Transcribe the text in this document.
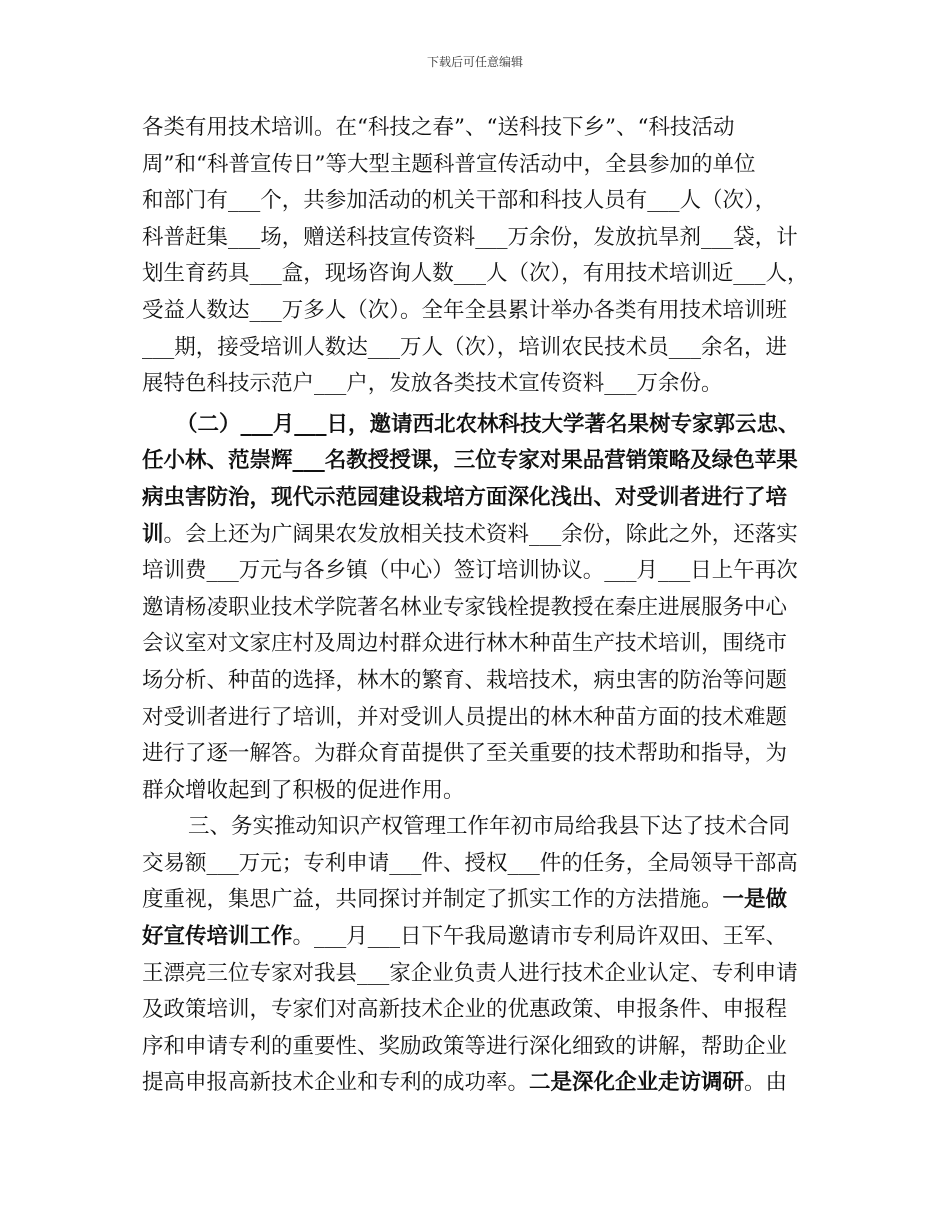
下载后可任意编辑
各类有用技术培训。在“科技之春”、“送科技下乡”、“科技活动
周”和“科普宣传日”等大型主题科普宣传活动中，全县参加的单位
和部门有___个，共参加活动的机关干部和科技人员有___人（次），
科普赶集___场，赠送科技宣传资料___万余份，发放抗旱剂___袋，计
划生育药具___盒，现场咨询人数___人（次），有用技术培训近___人，
受益人数达___万多人（次）。全年全县累计举办各类有用技术培训班
___期，接受培训人数达___万人（次），培训农民技术员___余名，进
展特色科技示范户___户，发放各类技术宣传资料___万余份。
（二）___月___日，邀请西北农林科技大学著名果树专家郭云忠、
任小林、范崇辉___名教授授课，三位专家对果品营销策略及绿色苹果
病虫害防治，现代示范园建设栽培方面深化浅出、对受训者进行了培
训。会上还为广阔果农发放相关技术资料___余份，除此之外，还落实
培训费___万元与各乡镇（中心）签订培训协议。___月___日上午再次
邀请杨凌职业技术学院著名林业专家钱栓提教授在秦庄进展服务中心
会议室对文家庄村及周边村群众进行林木种苗生产技术培训，围绕市
场分析、种苗的选择，林木的繁育、栽培技术，病虫害的防治等问题
对受训者进行了培训，并对受训人员提出的林木种苗方面的技术难题
进行了逐一解答。为群众育苗提供了至关重要的技术帮助和指导，为
群众增收起到了积极的促进作用。
三、务实推动知识产权管理工作年初市局给我县下达了技术合同
交易额___万元；专利申请___件、授权___件的任务，全局领导干部高
度重视，集思广益，共同探讨并制定了抓实工作的方法措施。一是做
好宣传培训工作。___月___日下午我局邀请市专利局许双田、王军、
王漂亮三位专家对我县___家企业负责人进行技术企业认定、专利申请
及政策培训，专家们对高新技术企业的优惠政策、申报条件、申报程
序和申请专利的重要性、奖励政策等进行深化细致的讲解，帮助企业
提高申报高新技术企业和专利的成功率。二是深化企业走访调研。由
